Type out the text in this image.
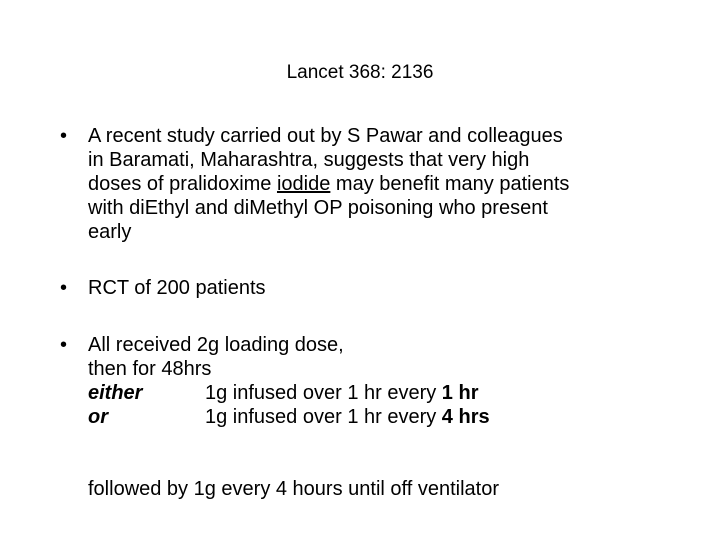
Lancet 368: 2136
•	A recent study carried out by S Pawar and colleagues
in Baramati, Maharashtra, suggests that very high
doses of pralidoxime iodide may benefit many patients
with diEthyl and diMethyl OP poisoning who present
early
•	RCT of 200 patients
•	All received 2g loading dose,
then for 48hrs
either	1g infused over 1 hr every 1 hr
or	1g infused over 1 hr every 4 hrs
followed by 1g every 4 hours until off ventilator
